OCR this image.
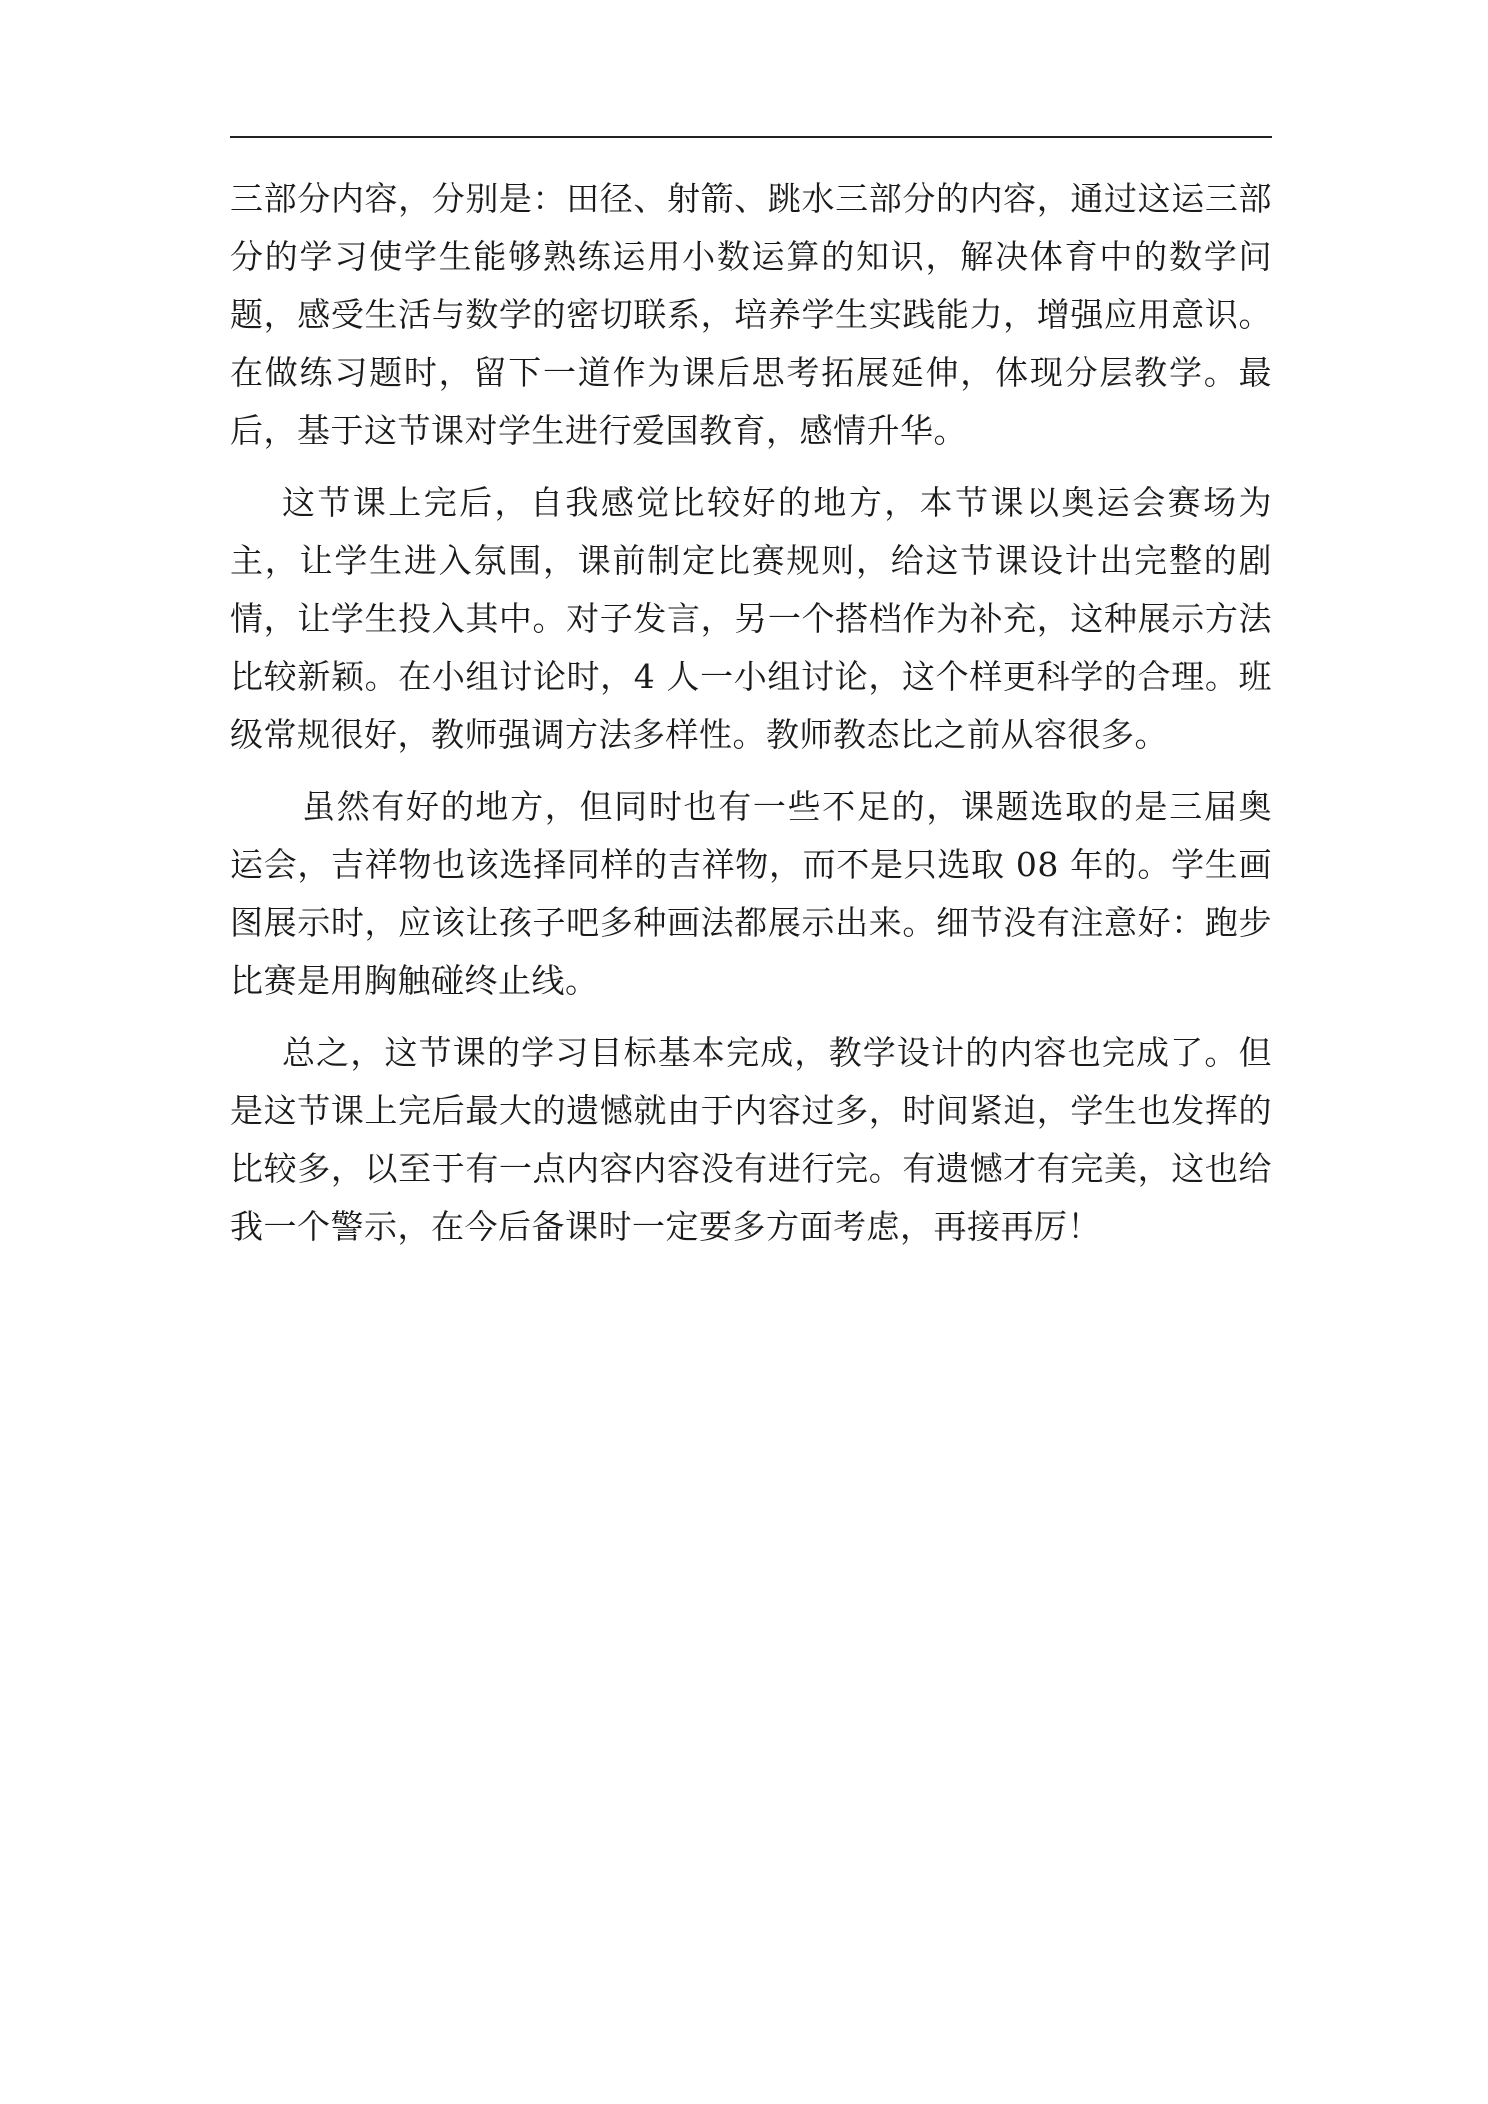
三部分内容，分别是：田径、射箭、跳水三部分的内容，通过这运三部分的学习使学生能够熟练运用小数运算的知识，解决体育中的数学问题，感受生活与数学的密切联系，培养学生实践能力，增强应用意识。在做练习题时，留下一道作为课后思考拓展延伸，体现分层教学。最后，基于这节课对学生进行爱国教育，感情升华。

这节课上完后，自我感觉比较好的地方，本节课以奥运会赛场为主，让学生进入氛围，课前制定比赛规则，给这节课设计出完整的剧情，让学生投入其中。对子发言，另一个搭档作为补充，这种展示方法比较新颖。在小组讨论时，4 人一小组讨论，这个样更科学的合理。班级常规很好，教师强调方法多样性。教师教态比之前从容很多。

虽然有好的地方，但同时也有一些不足的，课题选取的是三届奥运会，吉祥物也该选择同样的吉祥物，而不是只选取 08 年的。学生画图展示时，应该让孩子吧多种画法都展示出来。细节没有注意好：跑步比赛是用胸触碰终止线。

总之，这节课的学习目标基本完成，教学设计的内容也完成了。但是这节课上完后最大的遗憾就由于内容过多，时间紧迫，学生也发挥的比较多，以至于有一点内容内容没有进行完。有遗憾才有完美，这也给我一个警示，在今后备课时一定要多方面考虑，再接再厉！
